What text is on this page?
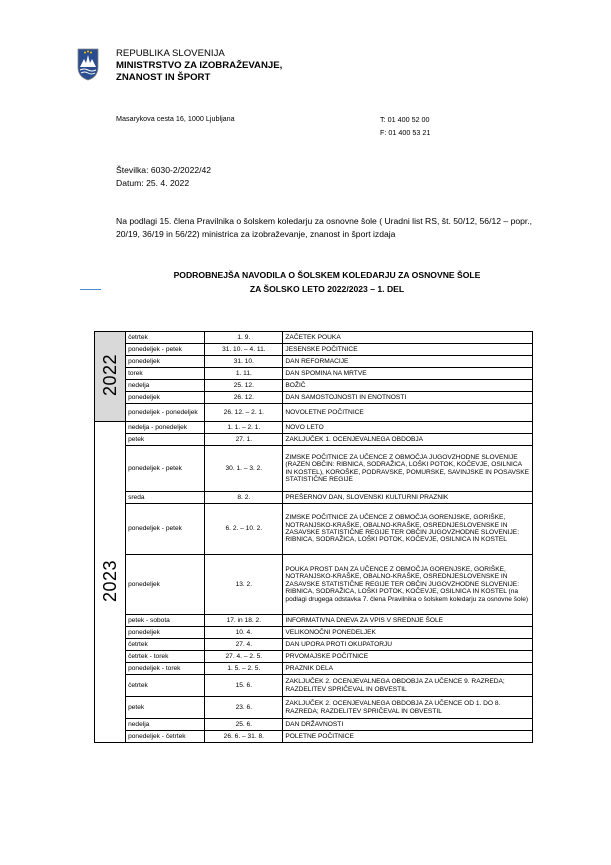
REPUBLIKA SLOVENIJA
MINISTRSTVO ZA IZOBRAŽEVANJE,
ZNANOST IN ŠPORT
Masarykova cesta 16, 1000 Ljubljana	T: 01 400 52 00
F: 01 400 53 21
Številka: 6030-2/2022/42
Datum: 25. 4. 2022
Na podlagi 15. člena Pravilnika o šolskem koledarju za osnovne šole ( Uradni list RS, št. 50/12, 56/12 – popr., 20/19, 36/19 in 56/22) ministrica za izobraževanje, znanost in šport izdaja
PODROBNEJŠA NAVODILA O ŠOLSKEM KOLEDARJU ZA OSNOVNE ŠOLE
ZA ŠOLSKO LETO 2022/2023 – 1. DEL
2022	četrtek	1. 9.	ZAČETEK POUKA
	ponedeljek - petek	31. 10. – 4. 11.	JESENSKE POČITNICE
	ponedeljek	31. 10.	DAN REFORMACIJE
	torek	1. 11.	DAN SPOMINA NA MRTVE
	nedelja	25. 12.	BOŽIČ
	ponedeljek	26. 12.	DAN SAMOSTOJNOSTI IN ENOTNOSTI
	ponedeljek - ponedeljek	26. 12. – 2. 1.	NOVOLETNE POČITNICE
2023	nedelja - ponedeljek	1. 1. – 2. 1.	NOVO LETO
	petek	27. 1.	ZAKLJUČEK 1. OCENJEVALNEGA OBDOBJA
	ponedeljek - petek	30. 1. – 3. 2.	ZIMSKE POČITNICE ZA UČENCE Z OBMOČJA JUGOVZHODNE SLOVENIJE (RAZEN OBČIN: RIBNICA, SODRAŽICA, LOŠKI POTOK, KOČEVJE, OSILNICA IN KOSTEL), KOROŠKE, PODRAVSKE, POMURSKE, SAVINJSKE IN POSAVSKE STATISTIČNE REGIJE
	sreda	8. 2.	PREŠERNOV DAN, SLOVENSKI KULTURNI PRAZNIK
	ponedeljek - petek	6. 2. – 10. 2.	ZIMSKE POČITNICE ZA UČENCE Z OBMOČJA GORENJSKE, GORIŠKE, NOTRANJSKO-KRAŠKE, OBALNO-KRAŠKE, OSREDNJESLOVENSKE IN ZASAVSKE STATISTIČNE REGIJE TER OBČIN JUGOVZHODNE SLOVENIJE: RIBNICA, SODRAŽICA, LOŠKI POTOK, KOČEVJE, OSILNICA IN KOSTEL
	ponedeljek	13. 2.	POUKA PROST DAN ZA UČENCE Z OBMOČJA GORENJSKE, GORIŠKE, NOTRANJSKO-KRAŠKE, OBALNO-KRAŠKE, OSREDNJESLOVENSKE IN ZASAVSKE STATISTIČNE REGIJE TER OBČIN JUGOVZHODNE SLOVENIJE: RIBNICA, SODRAŽICA, LOŠKI POTOK, KOČEVJE, OSILNICA IN KOSTEL (na podlagi drugega odstavka 7. člena Pravilnika o šolskem koledarju za osnovne šole)
	petek - sobota	17. in 18. 2.	INFORMATIVNA DNEVA ZA VPIS V SREDNJE ŠOLE
	ponedeljek	10. 4.	VELIKONOČNI PONEDELJEK
	četrtek	27. 4.	DAN UPORA PROTI OKUPATORJU
	četrtek - torek	27. 4. – 2. 5.	PRVOMAJSKE POČITNICE
	ponedeljek - torek	1. 5. – 2. 5.	PRAZNIK DELA
	četrtek	15. 6.	ZAKLJUČEK 2. OCENJEVALNEGA OBDOBJA ZA UČENCE 9. RAZREDA; RAZDELITEV SPRIČEVAL IN OBVESTIL
	petek	23. 6.	ZAKLJUČEK 2. OCENJEVALNEGA OBDOBJA ZA UČENCE OD 1. DO 8. RAZREDA; RAZDELITEV SPRIČEVAL IN OBVESTIL
	nedelja	25. 6.	DAN DRŽAVNOSTI
	ponedeljek - četrtek	26. 6. – 31. 8.	POLETNE POČITNICE
